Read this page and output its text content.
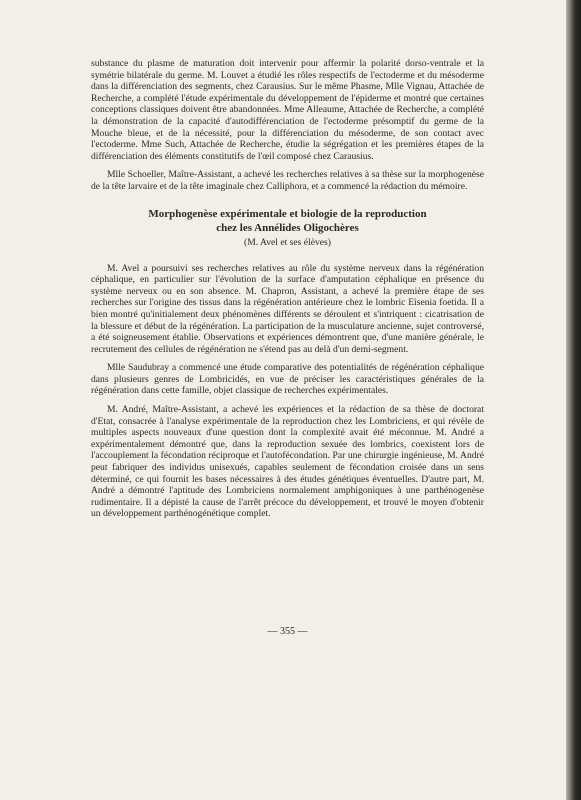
substance du plasme de maturation doit intervenir pour affermir la polarité dorso-ventrale et la symétrie bilatérale du germe. M. Louvet a étudié les rôles respectifs de l'ectoderme et du mésoderme dans la différenciation des segments, chez Carausius. Sur le même Phasme, Mlle Vignau, Attachée de Recherche, a complété l'étude expérimentale du développement de l'épiderme et montré que certaines conceptions classiques doivent être abandonnées. Mme Alleaume, Attachée de Recherche, a complété la démonstration de la capacité d'autodifférenciation de l'ectoderme présomptif du germe de la Mouche bleue, et de la nécessité, pour la différenciation du mésoderme, de son contact avec l'ectoderme. Mme Such, Attachée de Recherche, étudie la ségrégation et les premières étapes de la différenciation des éléments constitutifs de l'œil composé chez Carausius.

Mlle Schoeller, Maître-Assistant, a achevé les recherches relatives à sa thèse sur la morphogenèse de la tête larvaire et de la tête imaginale chez Calliphora, et a commencé la rédaction du mémoire.

Morphogenèse expérimentale et biologie de la reproduction
chez les Annélides Oligochères
(M. Avel et ses élèves)

M. Avel a poursuivi ses recherches relatives au rôle du système nerveux dans la régénération céphalique, en particulier sur l'évolution de la surface d'amputation céphalique en présence du système nerveux ou en son absence. M. Chapron, Assistant, a achevé la première étape de ses recherches sur l'origine des tissus dans la régénération antérieure chez le lombric Eisenia foetida. Il a bien montré qu'initialement deux phénomènes différents se déroulent et s'intriquent : cicatrisation de la blessure et début de la régénération. La participation de la musculature ancienne, sujet controversé, a été soigneusement établie. Observations et expériences démontrent que, d'une manière générale, le recrutement des cellules de régénération ne s'étend pas au delà d'un demi-segment.

Mlle Saudubray a commencé une étude comparative des potentialités de régénération céphalique dans plusieurs genres de Lombricidés, en vue de préciser les caractéristiques générales de la régénération dans cette famille, objet classique de recherches expérimentales.

M. André, Maître-Assistant, a achevé les expériences et la rédaction de sa thèse de doctorat d'Etat, consacrée à l'analyse expérimentale de la reproduction chez les Lombriciens, et qui révèle de multiples aspects nouveaux d'une question dont la complexité avait été méconnue. M. André a expérimentalement démontré que, dans la reproduction sexuée des lombrics, coexistent lors de l'accouplement la fécondation réciproque et l'autofécondation. Par une chirurgie ingénieuse, M. André peut fabriquer des individus unisexués, capables seulement de fécondation croisée dans un sens déterminé, ce qui fournit les bases nécessaires à des études génétiques éventuelles. D'autre part, M. André a démontré l'aptitude des Lombriciens normalement amphigoniques à une parthénogenèse rudimentaire. Il a dépisté la cause de l'arrêt précoce du développement, et trouvé le moyen d'obtenir un développement parthénogénétique complet.

— 355 —
